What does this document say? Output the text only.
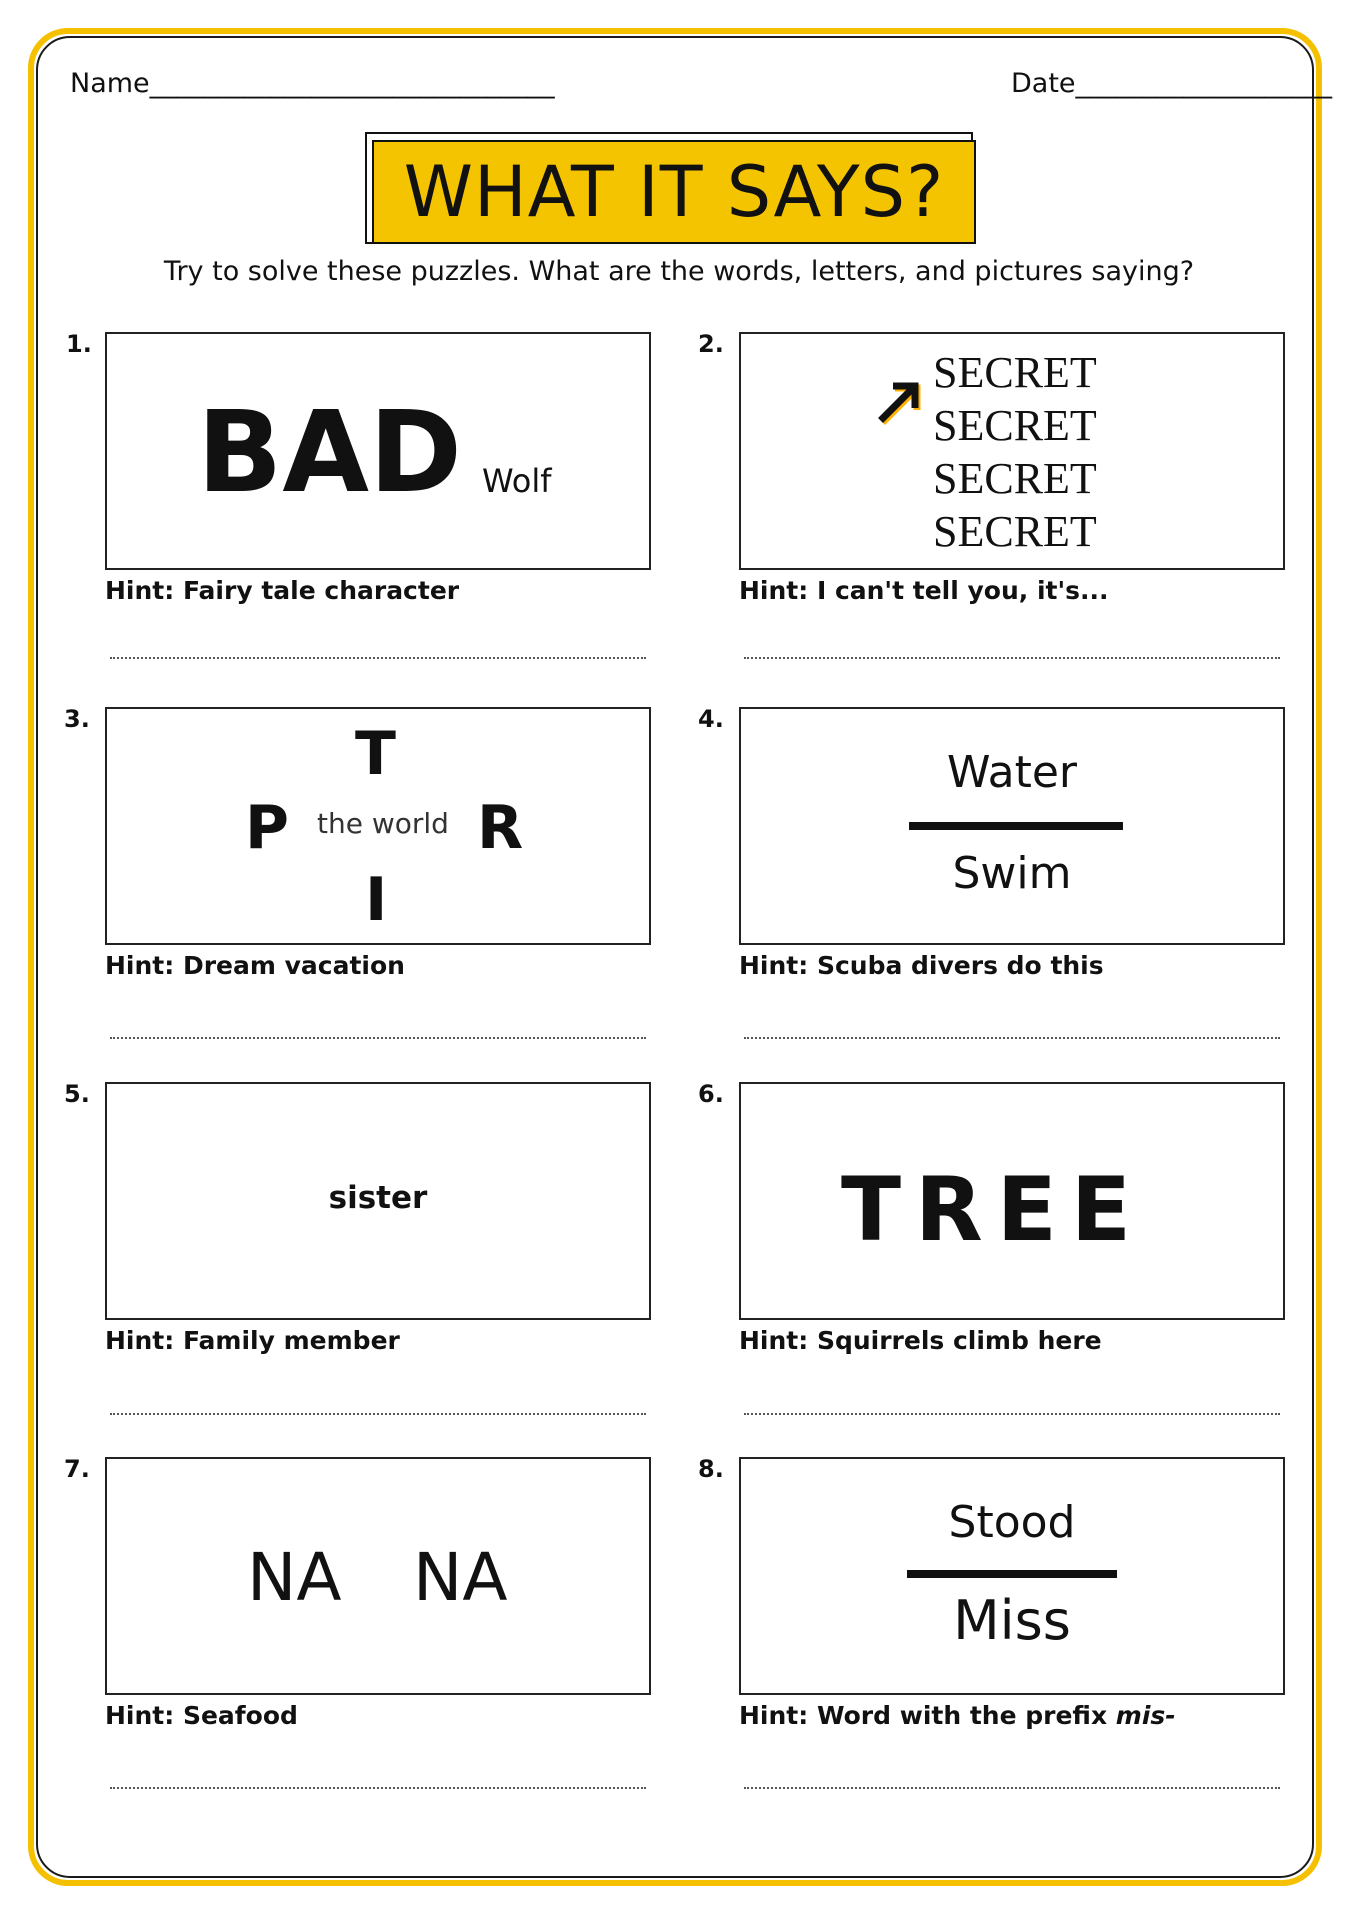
Name______________________________	Date___________________
WHAT IT SAYS?
Try to solve these puzzles. What are the words, letters, and pictures saying?
1.
BAD Wolf
Hint: Fairy tale character
2.
SECRET
SECRET
SECRET
SECRET
Hint: I can't tell you, it's...
3.	T
P the world R
I
Hint: Dream vacation
4.
Water
Swim
Hint: Scuba divers do this
5.
sister
Hint: Family member
6.
TREE
Hint: Squirrels climb here
7.
NA NA
Hint: Seafood
8.
Stood
Miss
Hint: Word with the prefix mis-
